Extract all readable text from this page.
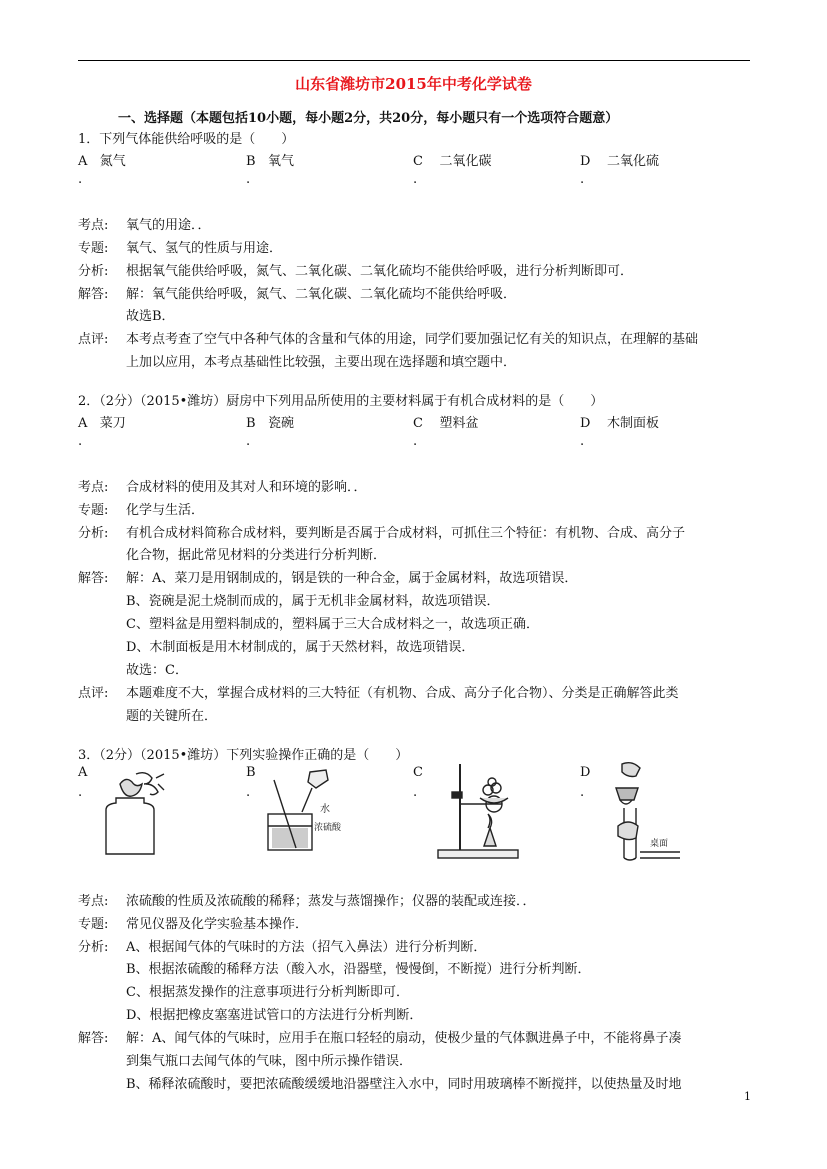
山东省潍坊市2015年中考化学试卷
一、选择题（本题包括10小题，每小题2分，共20分，每小题只有一个选项符合题意）
1．下列气体能供给呼吸的是（　　）
A 氮气	B 氧气	C 二氧化碳	D 二氧化硫
.	.	.	.
考点: 氧气的用途．．
专题: 氧气、氢气的性质与用途．
分析: 根据氧气能供给呼吸，氮气、二氧化碳、二氧化硫均不能供给呼吸，进行分析判断即可．
解答: 解：氧气能供给呼吸，氮气、二氧化碳、二氧化硫均不能供给呼吸．
故选B．
点评: 本考点考查了空气中各种气体的含量和气体的用途，同学们要加强记忆有关的知识点，在理解的基础
上加以应用，本考点基础性比较强，主要出现在选择题和填空题中．
2．（2分）（2015•潍坊）厨房中下列用品所使用的主要材料属于有机合成材料的是（　　）
A 菜刀	B 瓷碗	C 塑料盆	D 木制面板
.	.	.	.
考点: 合成材料的使用及其对人和环境的影响．．
专题: 化学与生活．
分析: 有机合成材料简称合成材料，要判断是否属于合成材料，可抓住三个特征：有机物、合成、高分子
化合物，据此常见材料的分类进行分析判断．
解答: 解：A、菜刀是用钢制成的，钢是铁的一种合金，属于金属材料，故选项错误．
B、瓷碗是泥土烧制而成的，属于无机非金属材料，故选项错误．
C、塑料盆是用塑料制成的，塑料属于三大合成材料之一，故选项正确．
D、木制面板是用木材制成的，属于天然材料，故选项错误．
故选：C．
点评: 本题难度不大，掌握合成材料的三大特征（有机物、合成、高分子化合物）、分类是正确解答此类
题的关键所在．
3．（2分）（2015•潍坊）下列实验操作正确的是（　　）
A	B	C	D
.	.	.	.
水
浓硫酸
桌面
考点: 浓硫酸的性质及浓硫酸的稀释；蒸发与蒸馏操作；仪器的装配或连接．．
专题: 常见仪器及化学实验基本操作．
分析: A、根据闻气体的气味时的方法（招气入鼻法）进行分析判断．
B、根据浓硫酸的稀释方法（酸入水，沿器壁，慢慢倒，不断搅）进行分析判断．
C、根据蒸发操作的注意事项进行分析判断即可．
D、根据把橡皮塞塞进试管口的方法进行分析判断．
解答: 解：A、闻气体的气味时，应用手在瓶口轻轻的扇动，使极少量的气体飘进鼻子中，不能将鼻子凑
到集气瓶口去闻气体的气味，图中所示操作错误．
B、稀释浓硫酸时，要把浓硫酸缓缓地沿器壁注入水中，同时用玻璃棒不断搅拌，以使热量及时地
1
